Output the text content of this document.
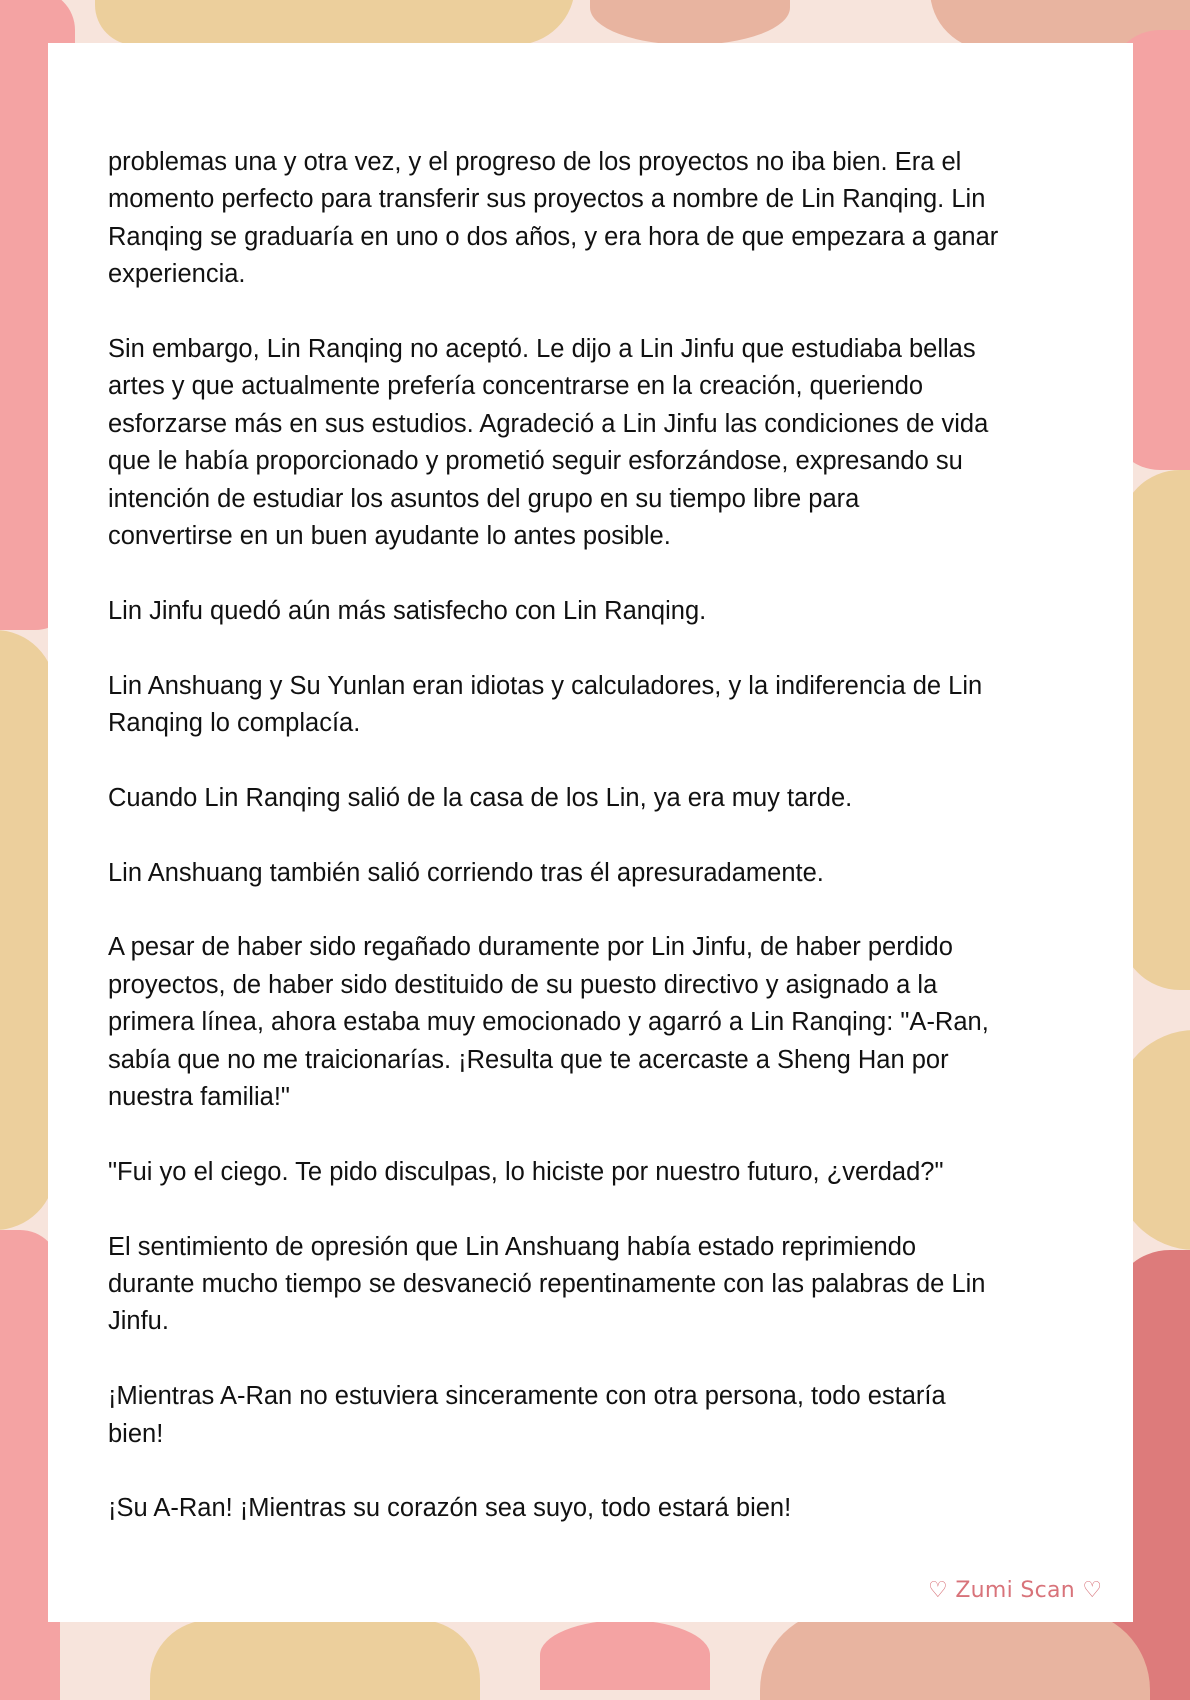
problemas una y otra vez, y el progreso de los proyectos no iba bien. Era el
momento perfecto para transferir sus proyectos a nombre de Lin Ranqing. Lin
Ranqing se graduaría en uno o dos años, y era hora de que empezara a ganar
experiencia.

Sin embargo, Lin Ranqing no aceptó. Le dijo a Lin Jinfu que estudiaba bellas
artes y que actualmente prefería concentrarse en la creación, queriendo
esforzarse más en sus estudios. Agradeció a Lin Jinfu las condiciones de vida
que le había proporcionado y prometió seguir esforzándose, expresando su
intención de estudiar los asuntos del grupo en su tiempo libre para
convertirse en un buen ayudante lo antes posible.

Lin Jinfu quedó aún más satisfecho con Lin Ranqing.

Lin Anshuang y Su Yunlan eran idiotas y calculadores, y la indiferencia de Lin
Ranqing lo complacía.

Cuando Lin Ranqing salió de la casa de los Lin, ya era muy tarde.

Lin Anshuang también salió corriendo tras él apresuradamente.

A pesar de haber sido regañado duramente por Lin Jinfu, de haber perdido
proyectos, de haber sido destituido de su puesto directivo y asignado a la
primera línea, ahora estaba muy emocionado y agarró a Lin Ranqing: "A-Ran,
sabía que no me traicionarías. ¡Resulta que te acercaste a Sheng Han por
nuestra familia!"

"Fui yo el ciego. Te pido disculpas, lo hiciste por nuestro futuro, ¿verdad?"

El sentimiento de opresión que Lin Anshuang había estado reprimiendo
durante mucho tiempo se desvaneció repentinamente con las palabras de Lin
Jinfu.

¡Mientras A-Ran no estuviera sinceramente con otra persona, todo estaría
bien!

¡Su A-Ran! ¡Mientras su corazón sea suyo, todo estará bien!

♡ Zumi Scan ♡
